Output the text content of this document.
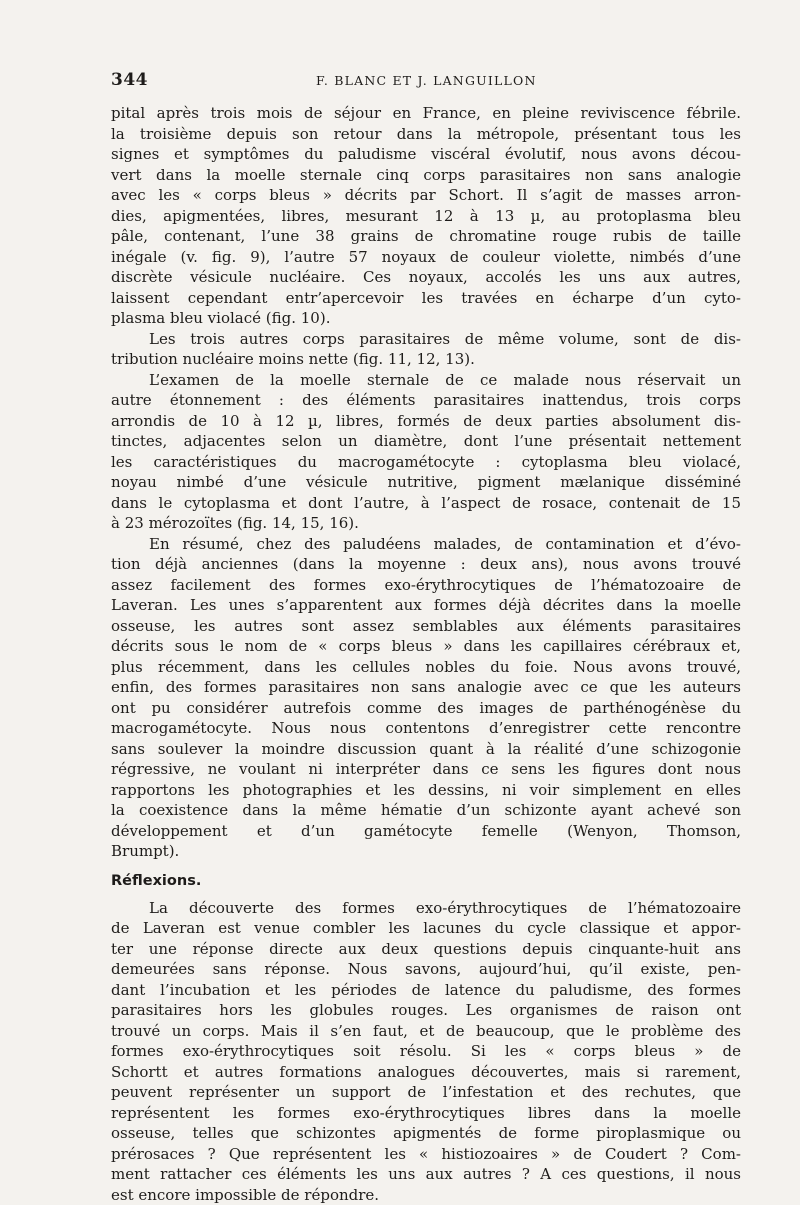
344	F. BLANC ET J. LANGUILLON
pital après trois mois de séjour en France, en pleine reviviscence fébrile.
la troisième depuis son retour dans la métropole, présentant tous les
signes et symptômes du paludisme viscéral évolutif, nous avons décou-
vert dans la moelle sternale cinq corps parasitaires non sans analogie
avec les « corps bleus » décrits par Schort. Il s’agit de masses arron-
dies, apigmentées, libres, mesurant 12 à 13 µ, au protoplasma bleu
pâle, contenant, l’une 38 grains de chromatine rouge rubis de taille
inégale (v. fig. 9), l’autre 57 noyaux de couleur violette, nimbés d’une
discrète vésicule nucléaire. Ces noyaux, accolés les uns aux autres,
laissent cependant entr’apercevoir les travées en écharpe d’un cyto-
plasma bleu violacé (fig. 10).
Les trois autres corps parasitaires de même volume, sont de dis-
tribution nucléaire moins nette (fig. 11, 12, 13).
L’examen de la moelle sternale de ce malade nous réservait un
autre étonnement : des éléments parasitaires inattendus, trois corps
arrondis de 10 à 12 µ, libres, formés de deux parties absolument dis-
tinctes, adjacentes selon un diamètre, dont l’une présentait nettement
les caractéristiques du macrogamétocyte : cytoplasma bleu violacé,
noyau nimbé d’une vésicule nutritive, pigment mælanique disséminé
dans le cytoplasma et dont l’autre, à l’aspect de rosace, contenait de 15
à 23 mérozoïtes (fig. 14, 15, 16).
En résumé, chez des paludéens malades, de contamination et d’évo-
tion déjà anciennes (dans la moyenne : deux ans), nous avons trouvé
assez facilement des formes exo-érythrocytiques de l’hématozoaire de
Laveran. Les unes s’apparentent aux formes déjà décrites dans la moelle
osseuse, les autres sont assez semblables aux éléments parasitaires
décrits sous le nom de « corps bleus » dans les capillaires cérébraux et,
plus récemment, dans les cellules nobles du foie. Nous avons trouvé,
enfin, des formes parasitaires non sans analogie avec ce que les auteurs
ont pu considérer autrefois comme des images de parthénogénèse du
macrogamétocyte. Nous nous contentons d’enregistrer cette rencontre
sans soulever la moindre discussion quant à la réalité d’une schizogonie
régressive, ne voulant ni interpréter dans ce sens les figures dont nous
rapportons les photographies et les dessins, ni voir simplement en elles
la coexistence dans la même hématie d’un schizonte ayant achevé son
développement et d’un gamétocyte femelle (Wenyon, Thomson,
Brumpt).
Réflexions.
La découverte des formes exo-érythrocytiques de l’hématozoaire
de Laveran est venue combler les lacunes du cycle classique et appor-
ter une réponse directe aux deux questions depuis cinquante-huit ans
demeurées sans réponse. Nous savons, aujourd’hui, qu’il existe, pen-
dant l’incubation et les périodes de latence du paludisme, des formes
parasitaires hors les globules rouges. Les organismes de raison ont
trouvé un corps. Mais il s’en faut, et de beaucoup, que le problème des
formes exo-érythrocytiques soit résolu. Si les « corps bleus » de
Schortt et autres formations analogues découvertes, mais si rarement,
peuvent représenter un support de l’infestation et des rechutes, que
représentent les formes exo-érythrocytiques libres dans la moelle
osseuse, telles que schizontes apigmentés de forme piroplasmique ou
prérosaces ? Que représentent les « histiozoaires » de Coudert ? Com-
ment rattacher ces éléments les uns aux autres ? A ces questions, il nous
est encore impossible de répondre.
